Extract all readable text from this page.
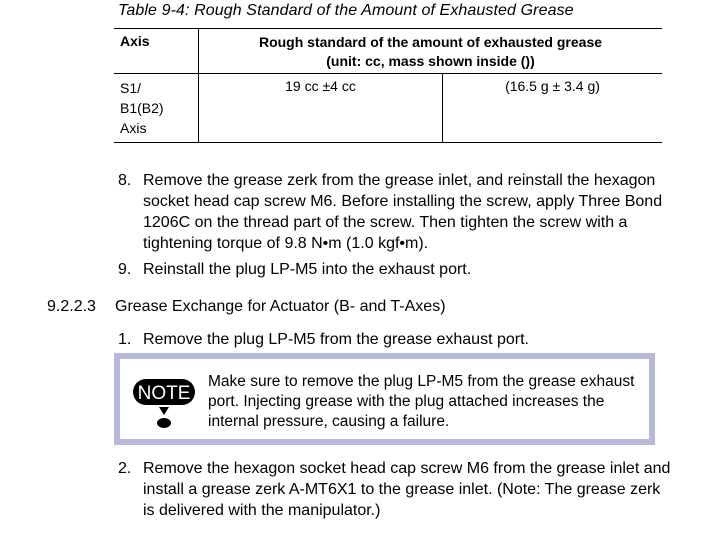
Table 9-4: Rough Standard of the Amount of Exhausted Grease
Axis	Rough standard of the amount of exhausted grease
(unit: cc, mass shown inside ())	

S1/
B1(B2)
Axis	19 cc ±4 cc	(16.5 g ± 3.4 g)
8. Remove the grease zerk from the grease inlet, and reinstall the hexagon socket head cap screw M6. Before installing the screw, apply Three Bond 1206C on the thread part of the screw. Then tighten the screw with a tightening torque of 9.8 N•m (1.0 kgf•m).
9. Reinstall the plug LP-M5 into the exhaust port.
9.2.2.3 Grease Exchange for Actuator (B- and T-Axes)
1. Remove the plug LP-M5 from the grease exhaust port.
NOTE
Make sure to remove the plug LP-M5 from the grease exhaust port. Injecting grease with the plug attached increases the internal pressure, causing a failure.
2. Remove the hexagon socket head cap screw M6 from the grease inlet and install a grease zerk A-MT6X1 to the grease inlet. (Note: The grease zerk is delivered with the manipulator.)
